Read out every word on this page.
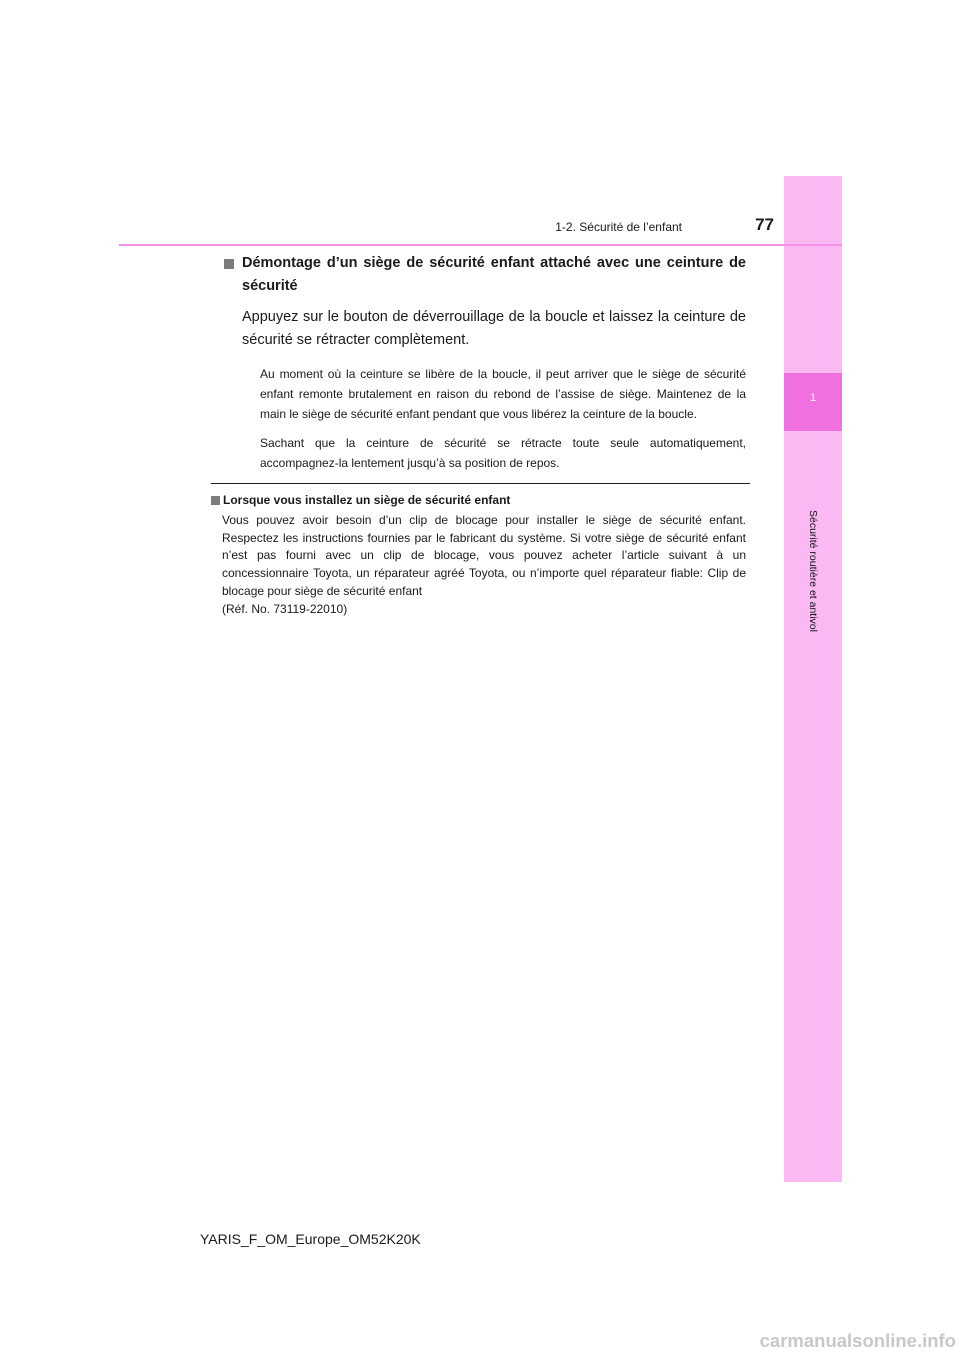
1
Sécurité routière et antivol
1-2. Sécurité de l’enfant	77
Démontage d’un siège de sécurité enfant attaché avec une ceinture de sécurité

Appuyez sur le bouton de déverrouillage de la boucle et laissez la ceinture de sécurité se rétracter complètement.

Au moment où la ceinture se libère de la boucle, il peut arriver que le siège de sécurité enfant remonte brutalement en raison du rebond de l’assise de siège. Maintenez de la main le siège de sécurité enfant pendant que vous libérez la ceinture de la boucle.

Sachant que la ceinture de sécurité se rétracte toute seule automatiquement, accompagnez-la lentement jusqu’à sa position de repos.

Lorsque vous installez un siège de sécurité enfant
Vous pouvez avoir besoin d’un clip de blocage pour installer le siège de sécurité enfant. Respectez les instructions fournies par le fabricant du système. Si votre siège de sécurité enfant n’est pas fourni avec un clip de blocage, vous pouvez acheter l’article suivant à un concessionnaire Toyota, un réparateur agréé Toyota, ou n’importe quel réparateur fiable: Clip de blocage pour siège de sécurité enfant
(Réf. No. 73119-22010)
YARIS_F_OM_Europe_OM52K20K
carmanualsonline.info
